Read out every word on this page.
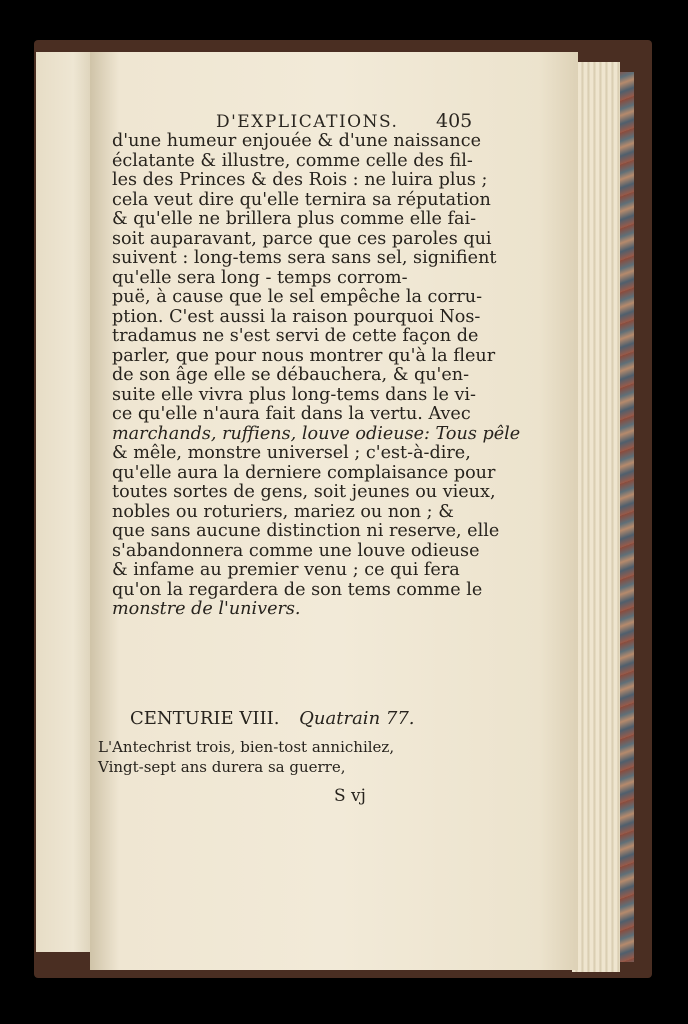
D'EXPLICATIONS. 405
d'une humeur enjouée & d'une naissance
éclatante & illustre, comme celle des fil-
les des Princes & des Rois : ne luira plus ;
cela veut dire qu'elle ternira sa réputation
& qu'elle ne brillera plus comme elle fai-
soit auparavant, parce que ces paroles qui
suivent : long-tems sera sans sel, signifient
qu'elle sera long - temps corrom-
puë, à cause que le sel empêche la corru-
ption. C'est aussi la raison pourquoi Nos-
tradamus ne s'est servi de cette façon de
parler, que pour nous montrer qu'à la fleur
de son âge elle se débauchera, & qu'en-
suite elle vivra plus long-tems dans le vi-
ce qu'elle n'aura fait dans la vertu. Avec
marchands, ruffiens, louve odieuse: Tous pêle
& mêle, monstre universel ; c'est-à-dire,
qu'elle aura la derniere complaisance pour
toutes sortes de gens, soit jeunes ou vieux,
nobles ou roturiers, mariez ou non ; &
que sans aucune distinction ni reserve, elle
s'abandonnera comme une louve odieuse
& infame au premier venu ; ce qui fera
qu'on la regardera de son tems comme le
monstre de l'univers.
CENTURIE VIII. Quatrain 77.
L'Antechrist trois, bien-tost annichilez,
Vingt-sept ans durera sa guerre,
S vj
